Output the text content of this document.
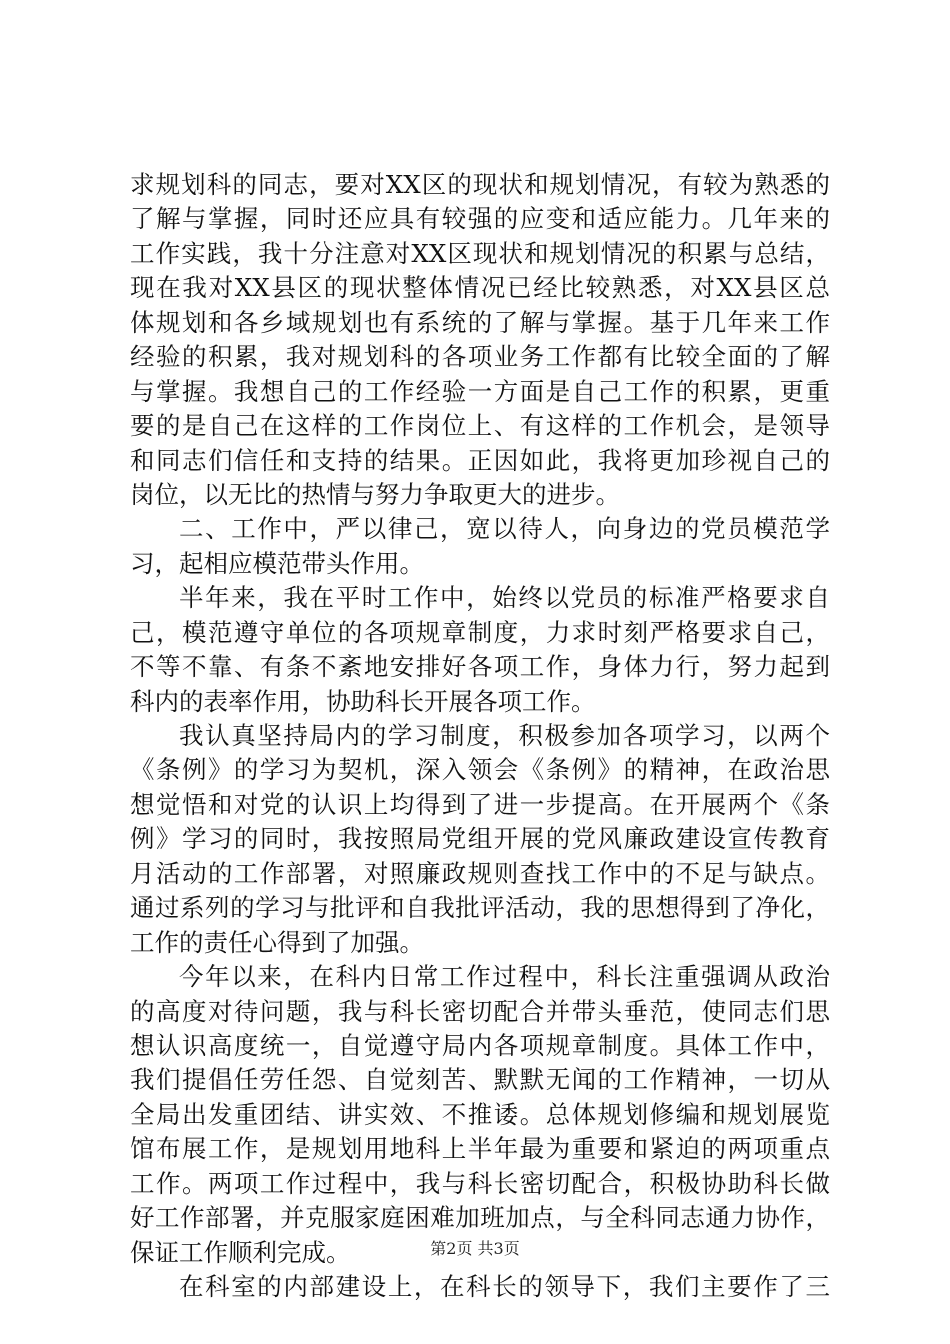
求规划科的同志，要对XX区的现状和规划情况，有较为熟悉的
了解与掌握，同时还应具有较强的应变和适应能力。几年来的
工作实践，我十分注意对XX区现状和规划情况的积累与总结，
现在我对XX县区的现状整体情况已经比较熟悉，对XX县区总
体规划和各乡域规划也有系统的了解与掌握。基于几年来工作
经验的积累，我对规划科的各项业务工作都有比较全面的了解
与掌握。我想自己的工作经验一方面是自己工作的积累，更重
要的是自己在这样的工作岗位上、有这样的工作机会，是领导
和同志们信任和支持的结果。正因如此，我将更加珍视自己的
岗位，以无比的热情与努力争取更大的进步。
二、工作中，严以律己，宽以待人，向身边的党员模范学
习，起相应模范带头作用。
半年来，我在平时工作中，始终以党员的标准严格要求自
己，模范遵守单位的各项规章制度，力求时刻严格要求自己，
不等不靠、有条不紊地安排好各项工作，身体力行，努力起到
科内的表率作用，协助科长开展各项工作。
我认真坚持局内的学习制度，积极参加各项学习，以两个
《条例》的学习为契机，深入领会《条例》的精神，在政治思
想觉悟和对党的认识上均得到了进一步提高。在开展两个《条
例》学习的同时，我按照局党组开展的党风廉政建设宣传教育
月活动的工作部署，对照廉政规则查找工作中的不足与缺点。
通过系列的学习与批评和自我批评活动，我的思想得到了净化，
工作的责任心得到了加强。
今年以来，在科内日常工作过程中，科长注重强调从政治
的高度对待问题，我与科长密切配合并带头垂范，使同志们思
想认识高度统一，自觉遵守局内各项规章制度。具体工作中，
我们提倡任劳任怨、自觉刻苦、默默无闻的工作精神，一切从
全局出发重团结、讲实效、不推诿。总体规划修编和规划展览
馆布展工作，是规划用地科上半年最为重要和紧迫的两项重点
工作。两项工作过程中，我与科长密切配合，积极协助科长做
好工作部署，并克服家庭困难加班加点，与全科同志通力协作，
保证工作顺利完成。
在科室的内部建设上，在科长的领导下，我们主要作了三
第2页 共3页
